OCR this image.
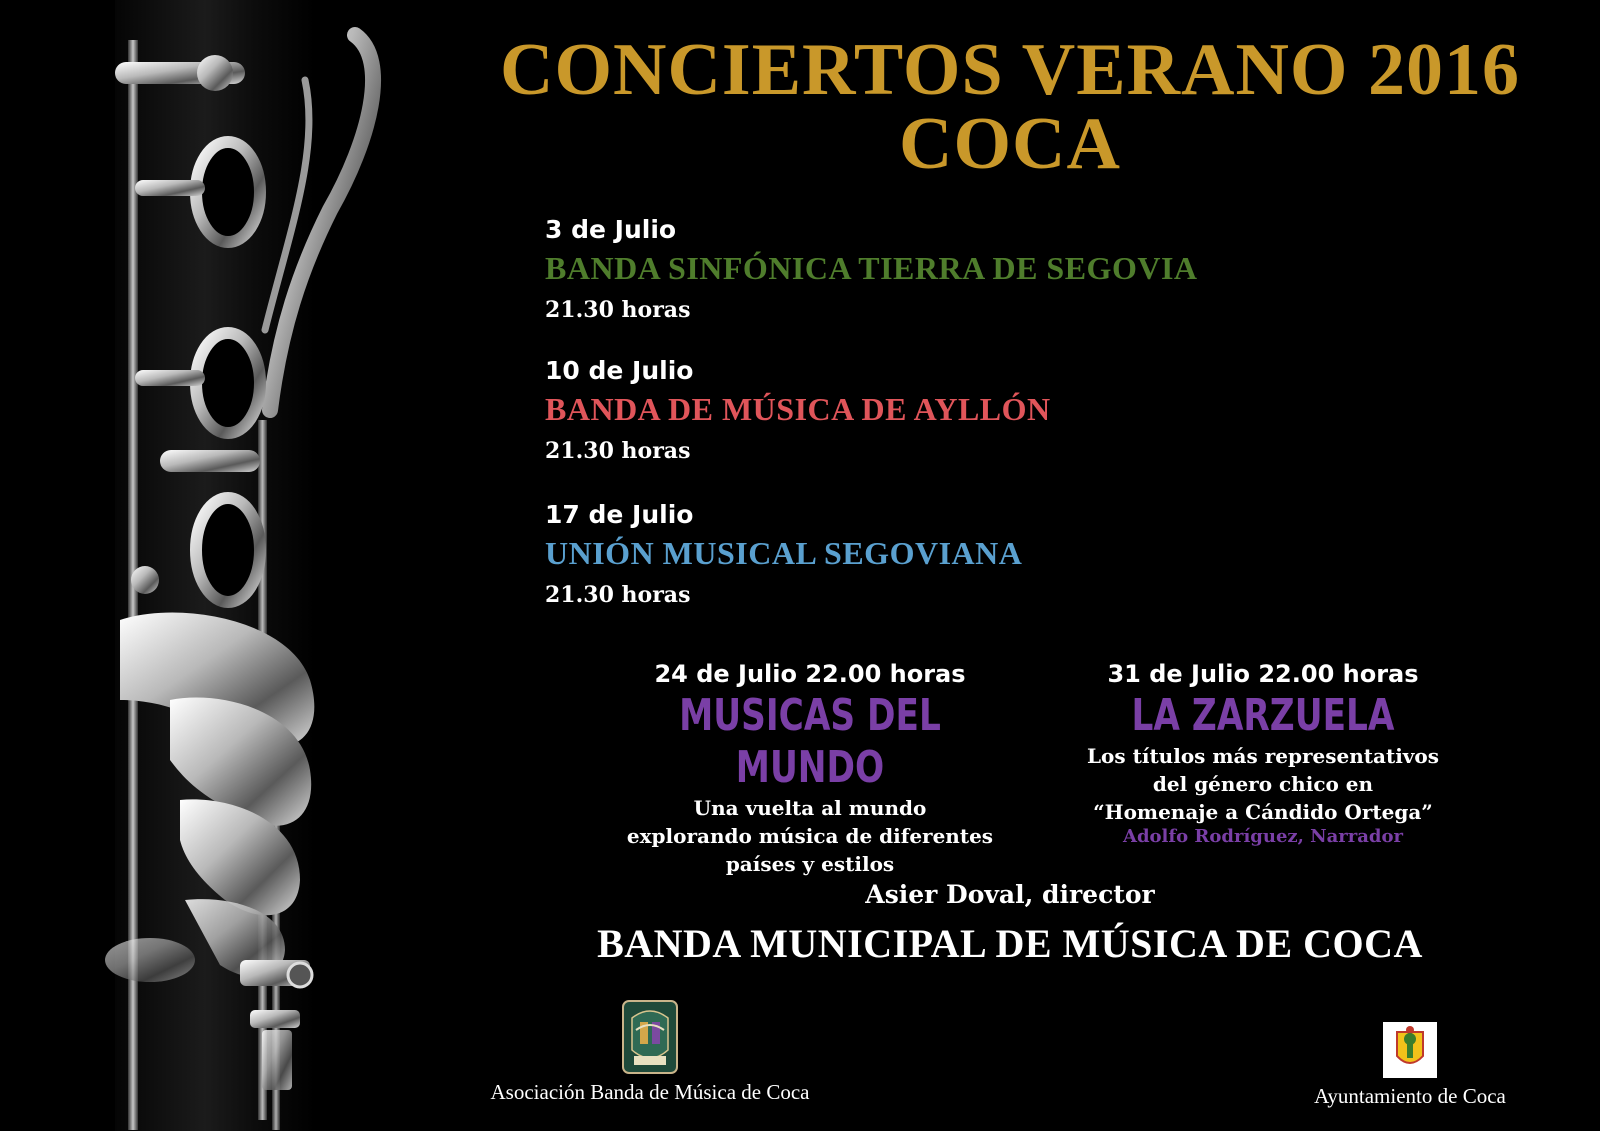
CONCIERTOS VERANO 2016
COCA
3 de Julio
BANDA SINFÓNICA TIERRA DE SEGOVIA
21.30 horas
10 de Julio
BANDA DE MÚSICA DE AYLLÓN
21.30 horas
17 de Julio
UNIÓN MUSICAL SEGOVIANA
21.30 horas
24 de Julio 22.00 horas
MUSICAS DEL MUNDO
Una vuelta al mundo
explorando música de diferentes
países y estilos
31 de Julio 22.00 horas
LA ZARZUELA
Los títulos más representativos
del género chico en
“Homenaje a Cándido Ortega”
Adolfo Rodríguez, Narrador
Asier Doval, director
BANDA MUNICIPAL DE MÚSICA DE COCA
Asociación Banda de Música de Coca	Ayuntamiento de Coca
